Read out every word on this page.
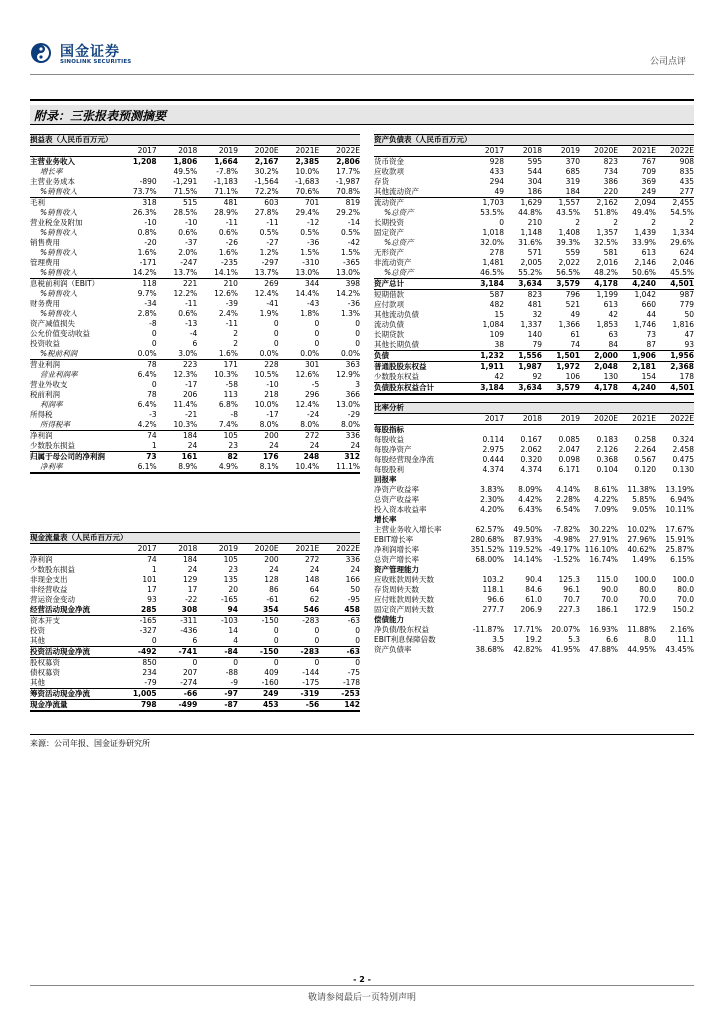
国金证券
SINOLINK SECURITIES	公司点评
附录：三张报表预测摘要
损益表（人民币百万元）						
	2017	2018	2019	2020E	2021E	2022E
主营业务收入	1,208	1,806	1,664	2,167	2,385	2,806
增长率		49.5%	-7.8%	30.2%	10.0%	17.7%
主营业务成本	-890	-1,291	-1,183	-1,564	-1,683	-1,987
%销售收入	73.7%	71.5%	71.1%	72.2%	70.6%	70.8%
毛利	318	515	481	603	701	819
%销售收入	26.3%	28.5%	28.9%	27.8%	29.4%	29.2%
营业税金及附加	-10	-10	-11	-11	-12	-14
%销售收入	0.8%	0.6%	0.6%	0.5%	0.5%	0.5%
销售费用	-20	-37	-26	-27	-36	-42
%销售收入	1.6%	2.0%	1.6%	1.2%	1.5%	1.5%
管理费用	-171	-247	-235	-297	-310	-365
%销售收入	14.2%	13.7%	14.1%	13.7%	13.0%	13.0%
息税前利润（EBIT）	118	221	210	269	344	398
%销售收入	9.7%	12.2%	12.6%	12.4%	14.4%	14.2%
财务费用	-34	-11	-39	-41	-43	-36
%销售收入	2.8%	0.6%	2.4%	1.9%	1.8%	1.3%
资产减值损失	-8	-13	-11	0	0	0
公允价值变动收益	0	-4	2	0	0	0
投资收益	0	6	2	0	0	0
%税前利润	0.0%	3.0%	1.6%	0.0%	0.0%	0.0%
营业利润	78	223	171	228	301	363
营业利润率	6.4%	12.3%	10.3%	10.5%	12.6%	12.9%
营业外收支	0	-17	-58	-10	-5	3
税前利润	78	206	113	218	296	366
利润率	6.4%	11.4%	6.8%	10.0%	12.4%	13.0%
所得税	-3	-21	-8	-17	-24	-29
所得税率	4.2%	10.3%	7.4%	8.0%	8.0%	8.0%
净利润	74	184	105	200	272	336
少数股东损益	1	24	23	24	24	24
归属于母公司的净利润	73	161	82	176	248	312
净利率	6.1%	8.9%	4.9%	8.1%	10.4%	11.1%
资产负债表（人民币百万元）						
	2017	2018	2019	2020E	2021E	2022E
货币资金	928	595	370	823	767	908
应收款项	433	544	685	734	709	835
存货	294	304	319	386	369	435
其他流动资产	49	186	184	220	249	277
流动资产	1,703	1,629	1,557	2,162	2,094	2,455
%总资产	53.5%	44.8%	43.5%	51.8%	49.4%	54.5%
长期投资	0	210	2	2	2	2
固定资产	1,018	1,148	1,408	1,357	1,439	1,334
%总资产	32.0%	31.6%	39.3%	32.5%	33.9%	29.6%
无形资产	278	571	559	581	613	624
非流动资产	1,481	2,005	2,022	2,016	2,146	2,046
%总资产	46.5%	55.2%	56.5%	48.2%	50.6%	45.5%
资产总计	3,184	3,634	3,579	4,178	4,240	4,501
短期借款	587	823	796	1,199	1,042	987
应付款项	482	481	521	613	660	779
其他流动负债	15	32	49	42	44	50
流动负债	1,084	1,337	1,366	1,853	1,746	1,816
长期贷款	109	140	61	63	73	47
其他长期负债	38	79	74	84	87	93
负债	1,232	1,556	1,501	2,000	1,906	1,956
普通股股东权益	1,911	1,987	1,972	2,048	2,181	2,368
少数股东权益	42	92	106	130	154	178
负债股东权益合计	3,184	3,634	3,579	4,178	4,240	4,501
比率分析						
	2017	2018	2019	2020E	2021E	2022E
每股指标						
每股收益	0.114	0.167	0.085	0.183	0.258	0.324
每股净资产	2.975	2.062	2.047	2.126	2.264	2.458
每股经营现金净流	0.444	0.320	0.098	0.368	0.567	0.475
每股股利	4.374	4.374	6.171	0.104	0.120	0.130
回报率						
净资产收益率	3.83%	8.09%	4.14%	8.61%	11.38%	13.19%
总资产收益率	2.30%	4.42%	2.28%	4.22%	5.85%	6.94%
投入资本收益率	4.20%	6.43%	6.54%	7.09%	9.05%	10.11%
增长率						
主营业务收入增长率	62.57%	49.50%	-7.82%	30.22%	10.02%	17.67%
EBIT增长率	280.68%	87.93%	-4.98%	27.91%	27.96%	15.91%
净利润增长率	351.52%	119.52%	-49.17%	116.10%	40.62%	25.87%
总资产增长率	68.00%	14.14%	-1.52%	16.74%	1.49%	6.15%
资产管理能力						
应收账款周转天数	103.2	90.4	125.3	115.0	100.0	100.0
存货周转天数	118.1	84.6	96.1	90.0	80.0	80.0
应付账款周转天数	96.6	61.0	70.7	70.0	70.0	70.0
固定资产周转天数	277.7	206.9	227.3	186.1	172.9	150.2
偿债能力						
净负债/股东权益	-11.87%	17.71%	20.07%	16.93%	11.88%	2.16%
EBIT利息保障倍数	3.5	19.2	5.3	6.6	8.0	11.1
资产负债率	38.68%	42.82%	41.95%	47.88%	44.95%	43.45%
现金流量表（人民币百万元）						
	2017	2018	2019	2020E	2021E	2022E
净利润	74	184	105	200	272	336
少数股东损益	1	24	23	24	24	24
非现金支出	101	129	135	128	148	166
非经营收益	17	17	20	86	64	50
营运资金变动	93	-22	-165	-61	62	-95
经营活动现金净流	285	308	94	354	546	458
资本开支	-165	-311	-103	-150	-283	-63
投资	-327	-436	14	0	0	0
其他	0	6	4	0	0	0
投资活动现金净流	-492	-741	-84	-150	-283	-63
股权募资	850	0	0	0	0	0
债权募资	234	207	-88	409	-144	-75
其他	-79	-274	-9	-160	-175	-178
筹资活动现金净流	1,005	-66	-97	249	-319	-253
现金净流量	798	-499	-87	453	-56	142
来源：公司年报、国金证券研究所
- 2 -
敬请参阅最后一页特别声明
